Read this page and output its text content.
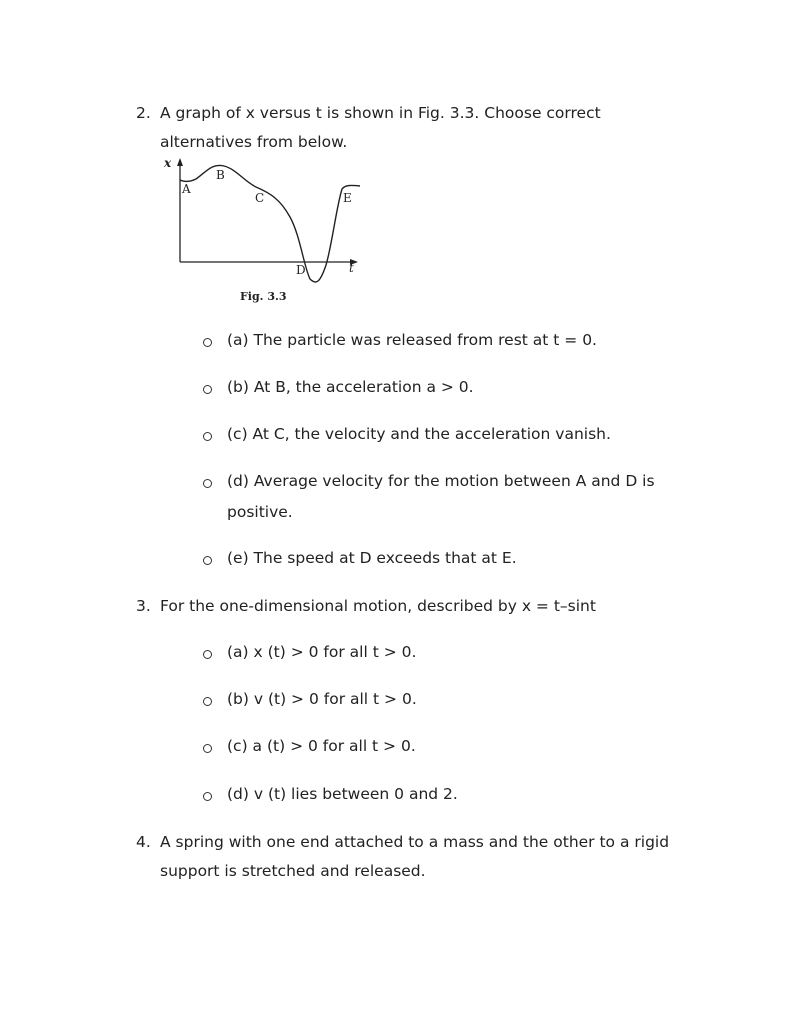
2. A graph of x versus t is shown in Fig. 3.3. Choose correct
alternatives from below.
x
t
A
B
C
D
E
Fig. 3.3
(a) The particle was released from rest at t = 0.
(b) At B, the acceleration a > 0.
(c) At C, the velocity and the acceleration vanish.
(d) Average velocity for the motion between A and D is
positive.
(e) The speed at D exceeds that at E.
3. For the one-dimensional motion, described by x = t–sint
(a) x (t) > 0 for all t > 0.
(b) v (t) > 0 for all t > 0.
(c) a (t) > 0 for all t > 0.
(d) v (t) lies between 0 and 2.
4. A spring with one end attached to a mass and the other to a rigid
support is stretched and released.
